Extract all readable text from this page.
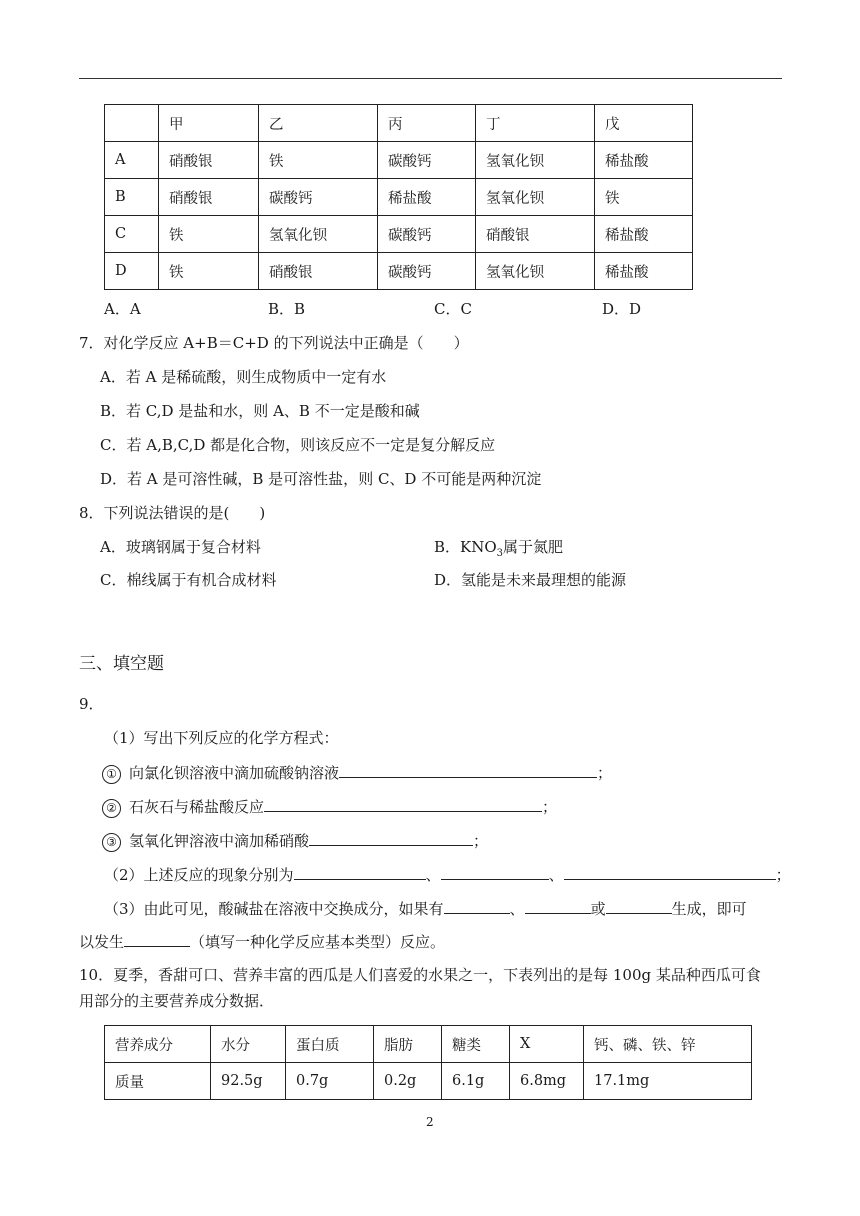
	甲	乙	丙	丁	戊
A	硝酸银	铁	碳酸钙	氢氧化钡	稀盐酸
B	硝酸银	碳酸钙	稀盐酸	氢氧化钡	铁
C	铁	氢氧化钡	碳酸钙	硝酸银	稀盐酸
D	铁	硝酸银	碳酸钙	氢氧化钡	稀盐酸
A．A	B．B	C．C	D．D
7．对化学反应 A+B＝C+D 的下列说法中正确是（　　）
A．若 A 是稀硫酸，则生成物质中一定有水
B．若 C,D 是盐和水，则 A、B 不一定是酸和碱
C．若 A,B,C,D 都是化合物，则该反应不一定是复分解反应
D．若 A 是可溶性碱，B 是可溶性盐，则 C、D 不可能是两种沉淀
8．下列说法错误的是(　　)
A．玻璃钢属于复合材料	B．$KNO_3$属于氮肥
C．棉线属于有机合成材料	D．氢能是未来最理想的能源
三、填空题
9．
（1）写出下列反应的化学方程式：
① 向氯化钡溶液中滴加硫酸钠溶液	；
② 石灰石与稀盐酸反应	；
③ 氢氧化钾溶液中滴加稀硝酸	；
（2）上述反应的现象分别为	、	、	；
（3）由此可见，酸碱盐在溶液中交换成分，如果有	、	或	生成，即可
以发生	（填写一种化学反应基本类型）反应。
10．夏季，香甜可口、营养丰富的西瓜是人们喜爱的水果之一，下表列出的是每 100g 某品种西瓜可食
用部分的主要营养成分数据．
营养成分	水分	蛋白质	脂肪	糖类	X	钙、磷、铁、锌
质量	92.5g	0.7g	0.2g	6.1g	6.8mg	17.1mg
2
